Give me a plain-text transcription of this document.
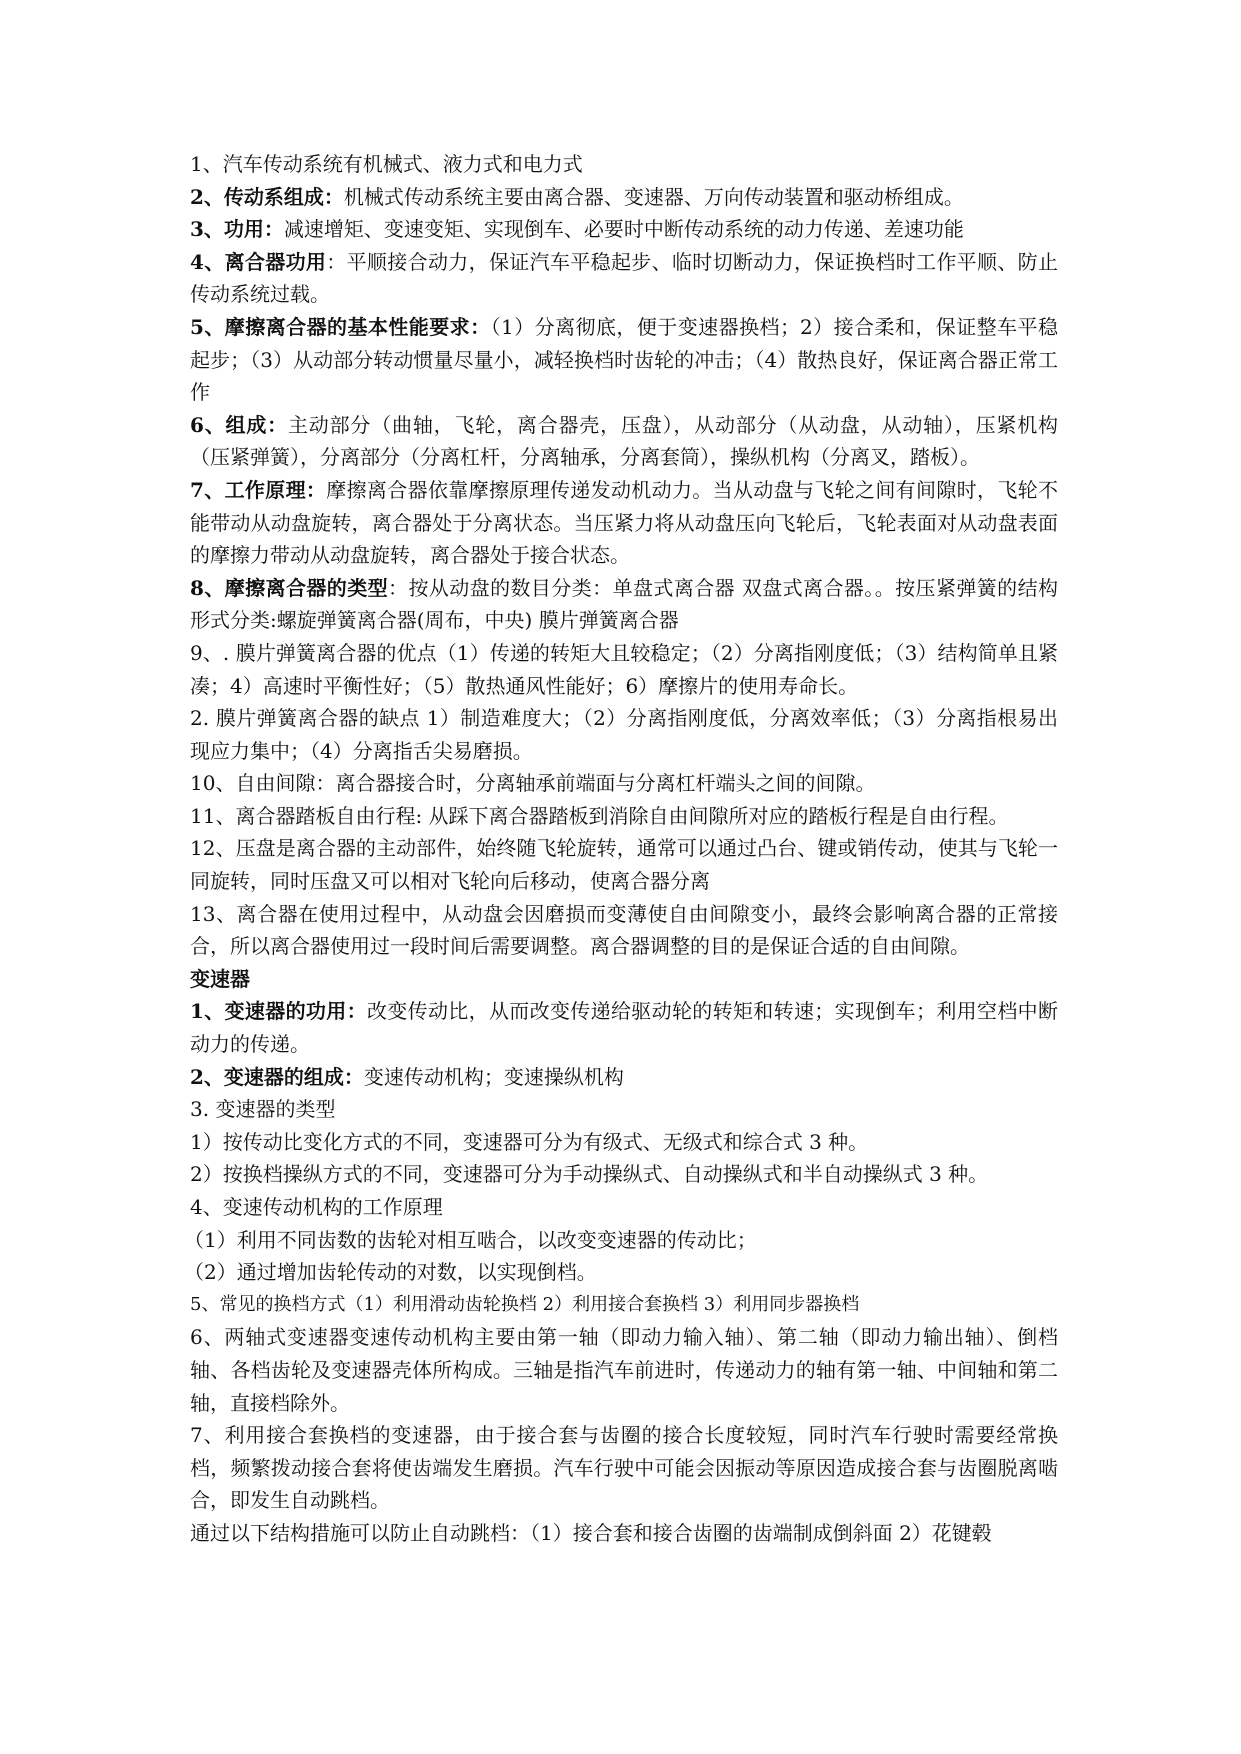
1、汽车传动系统有机械式、液力式和电力式

2、传动系组成：机械式传动系统主要由离合器、变速器、万向传动装置和驱动桥组成。

3、功用：减速增矩、变速变矩、实现倒车、必要时中断传动系统的动力传递、差速功能

4、离合器功用：平顺接合动力，保证汽车平稳起步、临时切断动力，保证换档时工作平顺、防止传动系统过载。

5、摩擦离合器的基本性能要求：（1）分离彻底，便于变速器换档；2）接合柔和，保证整车平稳起步；（3）从动部分转动惯量尽量小，减轻换档时齿轮的冲击；（4）散热良好，保证离合器正常工作

6、组成：主动部分（曲轴，飞轮，离合器壳，压盘），从动部分（从动盘，从动轴），压紧机构（压紧弹簧），分离部分（分离杠杆，分离轴承，分离套筒），操纵机构（分离叉，踏板）。

7、工作原理：摩擦离合器依靠摩擦原理传递发动机动力。当从动盘与飞轮之间有间隙时，飞轮不能带动从动盘旋转，离合器处于分离状态。当压紧力将从动盘压向飞轮后，飞轮表面对从动盘表面的摩擦力带动从动盘旋转，离合器处于接合状态。

8、摩擦离合器的类型：按从动盘的数目分类：单盘式离合器 双盘式离合器。。按压紧弹簧的结构形式分类:螺旋弹簧离合器(周布，中央) 膜片弹簧离合器

9、. 膜片弹簧离合器的优点（1）传递的转矩大且较稳定；（2）分离指刚度低；（3）结构简单且紧凑；4）高速时平衡性好；（5）散热通风性能好；6）摩擦片的使用寿命长。

2. 膜片弹簧离合器的缺点 1）制造难度大；（2）分离指刚度低，分离效率低；（3）分离指根易出现应力集中；（4）分离指舌尖易磨损。

10、自由间隙：离合器接合时，分离轴承前端面与分离杠杆端头之间的间隙。

11、离合器踏板自由行程: 从踩下离合器踏板到消除自由间隙所对应的踏板行程是自由行程。

12、压盘是离合器的主动部件，始终随飞轮旋转，通常可以通过凸台、键或销传动，使其与飞轮一同旋转，同时压盘又可以相对飞轮向后移动，使离合器分离

13、离合器在使用过程中，从动盘会因磨损而变薄使自由间隙变小，最终会影响离合器的正常接合，所以离合器使用过一段时间后需要调整。离合器调整的目的是保证合适的自由间隙。

变速器

1、变速器的功用：改变传动比，从而改变传递给驱动轮的转矩和转速；实现倒车；利用空档中断动力的传递。

2、变速器的组成：变速传动机构；变速操纵机构

3. 变速器的类型

1）按传动比变化方式的不同，变速器可分为有级式、无级式和综合式 3 种。

2）按换档操纵方式的不同，变速器可分为手动操纵式、自动操纵式和半自动操纵式 3 种。

4、变速传动机构的工作原理

（1）利用不同齿数的齿轮对相互啮合，以改变变速器的传动比；

（2）通过增加齿轮传动的对数，以实现倒档。

5、常见的换档方式（1）利用滑动齿轮换档 2）利用接合套换档 3）利用同步器换档

6、两轴式变速器变速传动机构主要由第一轴（即动力输入轴）、第二轴（即动力输出轴）、倒档轴、各档齿轮及变速器壳体所构成。三轴是指汽车前进时，传递动力的轴有第一轴、中间轴和第二轴，直接档除外。

7、利用接合套换档的变速器，由于接合套与齿圈的接合长度较短，同时汽车行驶时需要经常换档，频繁拨动接合套将使齿端发生磨损。汽车行驶中可能会因振动等原因造成接合套与齿圈脱离啮合，即发生自动跳档。

通过以下结构措施可以防止自动跳档：（1）接合套和接合齿圈的齿端制成倒斜面 2）花键毂
